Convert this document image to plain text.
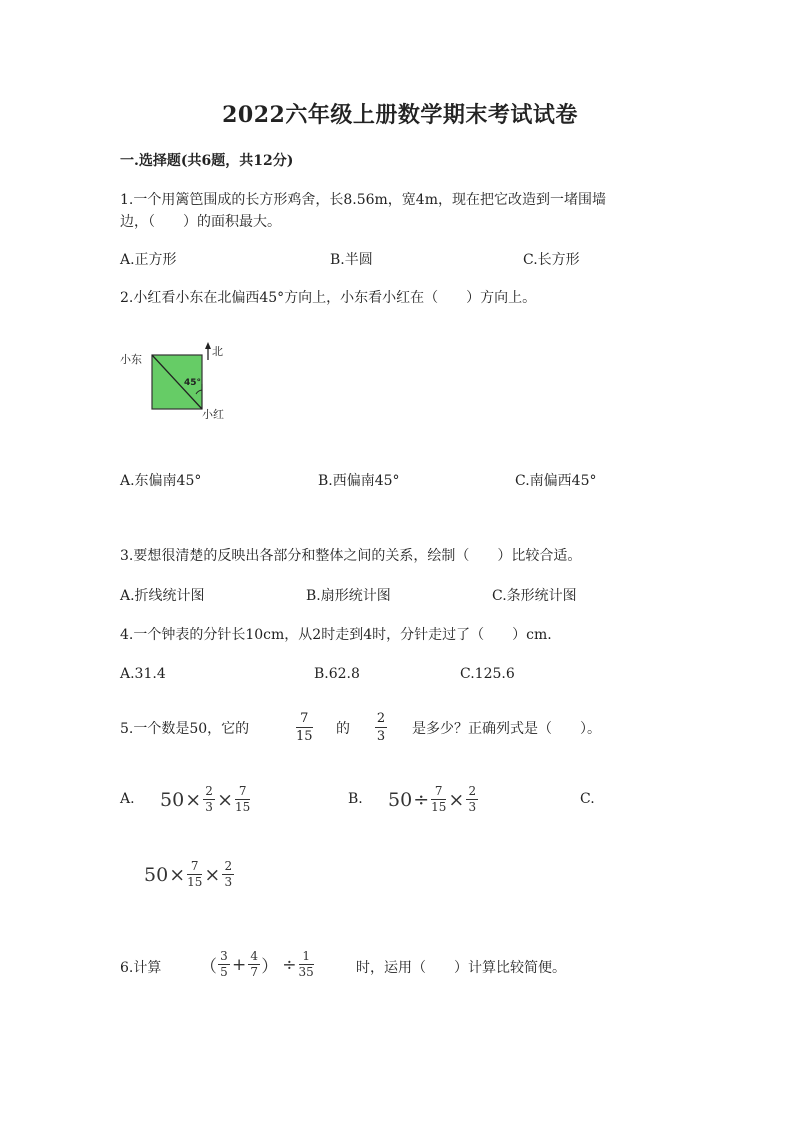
2022六年级上册数学期末考试试卷
一.选择题(共6题，共12分)
1.一个用篱笆围成的长方形鸡舍，长8.56m，宽4m，现在把它改造到一堵围墙
边，（　　）的面积最大。
A.正方形	B.半圆	C.长方形
2.小红看小东在北偏西45°方向上，小东看小红在（　　）方向上。
小东
北
45°
小红
A.东偏南45°	B.西偏南45°	C.南偏西45°
3.要想很清楚的反映出各部分和整体之间的关系，绘制（　　）比较合适。
A.折线统计图	B.扇形统计图	C.条形统计图
4.一个钟表的分针长10cm，从2时走到4时，分针走过了（　　）cm.
A.31.4	B.62.8	C.125.6
5.一个数是50，它的
7
15 的
2
3 是多少？正确列式是（　　）。
A. $50 \times \frac{2}{3} \times \frac{7}{15}$	B. $50 \div \frac{7}{15} \times \frac{2}{3}$	C.
$50 \times \frac{7}{15} \times \frac{2}{3}$
6.计算 （ $\frac{3}{5} + \frac{4}{7}$ ） ÷ $\frac{1}{35}$	时，运用（　　）计算比较简便。
